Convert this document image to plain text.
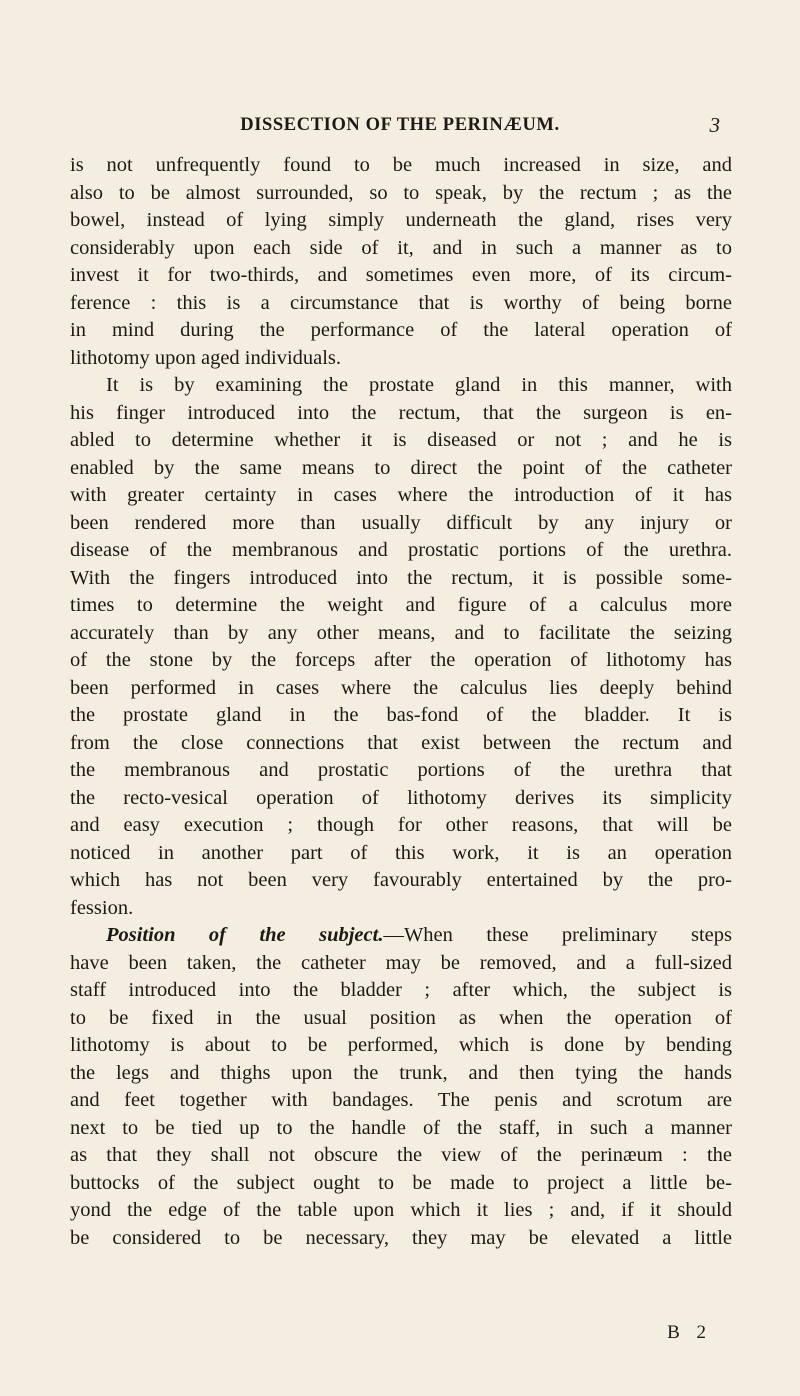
DISSECTION OF THE PERINÆUM.	3
is not unfrequently found to be much increased in size, and
also to be almost surrounded, so to speak, by the rectum ; as the
bowel, instead of lying simply underneath the gland, rises very
considerably upon each side of it, and in such a manner as to
invest it for two-thirds, and sometimes even more, of its circum-
ference : this is a circumstance that is worthy of being borne
in mind during the performance of the lateral operation of
lithotomy upon aged individuals.
It is by examining the prostate gland in this manner, with
his finger introduced into the rectum, that the surgeon is en-
abled to determine whether it is diseased or not ; and he is
enabled by the same means to direct the point of the catheter
with greater certainty in cases where the introduction of it has
been rendered more than usually difficult by any injury or
disease of the membranous and prostatic portions of the urethra.
With the fingers introduced into the rectum, it is possible some-
times to determine the weight and figure of a calculus more
accurately than by any other means, and to facilitate the seizing
of the stone by the forceps after the operation of lithotomy has
been performed in cases where the calculus lies deeply behind
the prostate gland in the bas-fond of the bladder. It is
from the close connections that exist between the rectum and
the membranous and prostatic portions of the urethra that
the recto-vesical operation of lithotomy derives its simplicity
and easy execution ; though for other reasons, that will be
noticed in another part of this work, it is an operation
which has not been very favourably entertained by the pro-
fession.
Position of the subject.—When these preliminary steps
have been taken, the catheter may be removed, and a full-sized
staff introduced into the bladder ; after which, the subject is
to be fixed in the usual position as when the operation of
lithotomy is about to be performed, which is done by bending
the legs and thighs upon the trunk, and then tying the hands
and feet together with bandages. The penis and scrotum are
next to be tied up to the handle of the staff, in such a manner
as that they shall not obscure the view of the perinæum : the
buttocks of the subject ought to be made to project a little be-
yond the edge of the table upon which it lies ; and, if it should
be considered to be necessary, they may be elevated a little
B 2
